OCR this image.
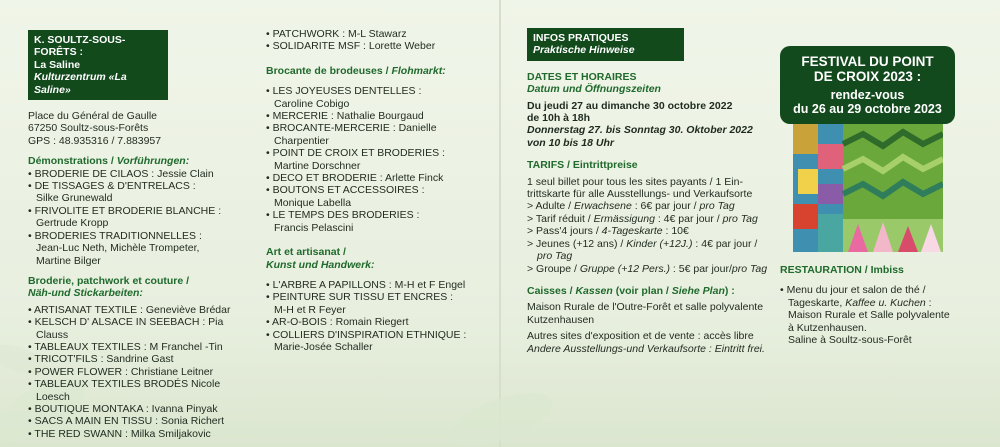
K. SOULTZ-SOUS-FORÊTS :
La Saline
Kulturzentrum «La Saline»
Place du Général de Gaulle
67250 Soultz-sous-Forêts
GPS : 48.935316 / 7.883957
Démonstrations / Vorführungen:
• BRODERIE DE CILAOS : Jessie Clain
• DE TISSAGES & D'ENTRELACS :
Silke Grunewald
• FRIVOLITE ET BRODERIE BLANCHE :
Gertrude Kropp
• BRODERIES TRADITIONNELLES :
Jean-Luc Neth, Michèle Trompeter,
Martine Bilger
Broderie, patchwork et couture /
Näh-und Stickarbeiten:
• ARTISANAT TEXTILE : Geneviève Brédar
• KELSCH D' ALSACE IN SEEBACH : Pia Clauss
• TABLEAUX TEXTILES : M Franchel -Tin
• TRICOT'FILS : Sandrine Gast
• POWER FLOWER : Christiane Leitner
• TABLEAUX TEXTILES BRODÉS Nicole Loesch
• BOUTIQUE MONTAKA : Ivanna Pinyak
• SACS A MAIN EN TISSU : Sonia Richert
• THE RED SWANN : Milka Smiljakovic
• PATCHWORK : M-L Stawarz
• SOLIDARITE MSF : Lorette Weber
Brocante de brodeuses / Flohmarkt:
• LES JOYEUSES DENTELLES :
Caroline Cobigo
• MERCERIE : Nathalie Bourgaud
• BROCANTE-MERCERIE : Danielle Charpentier
• POINT DE CROIX ET BRODERIES :
Martine Dorschner
• DECO ET BRODERIE : Arlette Finck
• BOUTONS ET ACCESSOIRES :
Monique Labella
• LE TEMPS DES BRODERIES :
Francis Pelascini
Art et artisanat /
Kunst und Handwerk:
• L'ARBRE A PAPILLONS : M-H et F Engel
• PEINTURE SUR TISSU ET ENCRES :
M-H et R Feyer
• AR-O-BOIS : Romain Riegert
• COLLIERS D'INSPIRATION ETHNIQUE :
Marie-Josée Schaller
INFOS PRATIQUES
Praktische Hinweise
DATES ET HORAIRES
Datum und Öffnungszeiten
Du jeudi 27 au dimanche 30 octobre 2022
de 10h à 18h
Donnerstag 27. bis Sonntag 30. Oktober 2022
von 10 bis 18 Uhr
TARIFS / Eintrittpreise
1 seul billet pour tous les sites payants / 1 Ein-
trittskarte für alle Ausstellungs- und Verkaufsorte
> Adulte / Erwachsene : 6€ par jour / pro Tag
> Tarif réduit / Ermässigung : 4€ par jour / pro Tag
> Pass'4 jours / 4-Tageskarte : 10€
> Jeunes (+12 ans) / Kinder (+12J.) : 4€ par jour /
pro Tag
> Groupe / Gruppe (+12 Pers.) : 5€ par jour/pro Tag
Caisses / Kassen (voir plan / Siehe Plan) :
Maison Rurale de l'Outre-Forêt et salle polyvalente
Kutzenhausen
Autres sites d'exposition et de vente : accès libre
Andere Ausstellungs-und Verkaufsorte : Eintritt frei.
FESTIVAL DU POINT
DE CROIX 2023 :
rendez-vous
du 26 au 29 octobre 2023
RESTAURATION / Imbiss
• Menu du jour et salon de thé /
Tageskarte, Kaffee u. Kuchen :
Maison Rurale et Salle polyvalente
à Kutzenhausen.
Saline à Soultz-sous-Forêt
